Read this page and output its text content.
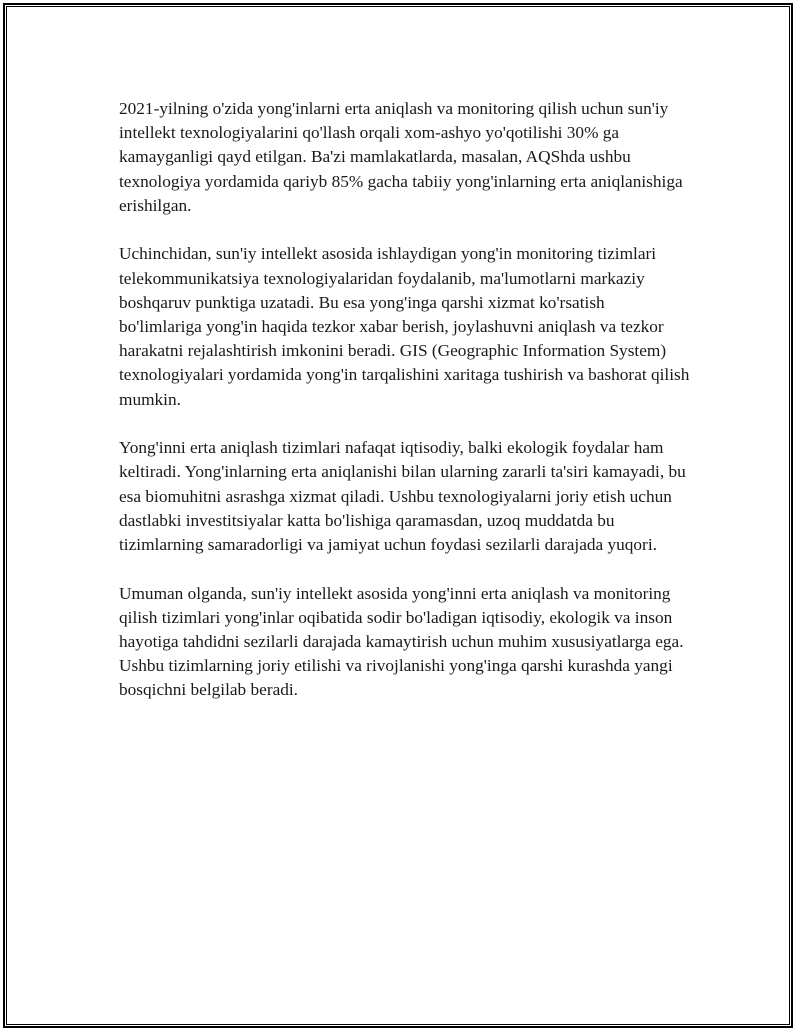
2021-yilning o'zida yong'inlarni erta aniqlash va monitoring qilish uchun sun'iy intellekt texnologiyalarini qo'llash orqali xom-ashyo yo'qotilishi 30% ga kamayganligi qayd etilgan. Ba'zi mamlakatlarda, masalan, AQShda ushbu texnologiya yordamida qariyb 85% gacha tabiiy yong'inlarning erta aniqlanishiga erishilgan.

Uchinchidan, sun'iy intellekt asosida ishlaydigan yong'in monitoring tizimlari telekommunikatsiya texnologiyalaridan foydalanib, ma'lumotlarni markaziy boshqaruv punktiga uzatadi. Bu esa yong'inga qarshi xizmat ko'rsatish bo'limlariga yong'in haqida tezkor xabar berish, joylashuvni aniqlash va tezkor harakatni rejalashtirish imkonini beradi. GIS (Geographic Information System) texnologiyalari yordamida yong'in tarqalishini xaritaga tushirish va bashorat qilish mumkin.

Yong'inni erta aniqlash tizimlari nafaqat iqtisodiy, balki ekologik foydalar ham keltiradi. Yong'inlarning erta aniqlanishi bilan ularning zararli ta'siri kamayadi, bu esa biomuhitni asrashga xizmat qiladi. Ushbu texnologiyalarni joriy etish uchun dastlabki investitsiyalar katta bo'lishiga qaramasdan, uzoq muddatda bu tizimlarning samaradorligi va jamiyat uchun foydasi sezilarli darajada yuqori.

Umuman olganda, sun'iy intellekt asosida yong'inni erta aniqlash va monitoring qilish tizimlari yong'inlar oqibatida sodir bo'ladigan iqtisodiy, ekologik va inson hayotiga tahdidni sezilarli darajada kamaytirish uchun muhim xususiyatlarga ega. Ushbu tizimlarning joriy etilishi va rivojlanishi yong'inga qarshi kurashda yangi bosqichni belgilab beradi.
